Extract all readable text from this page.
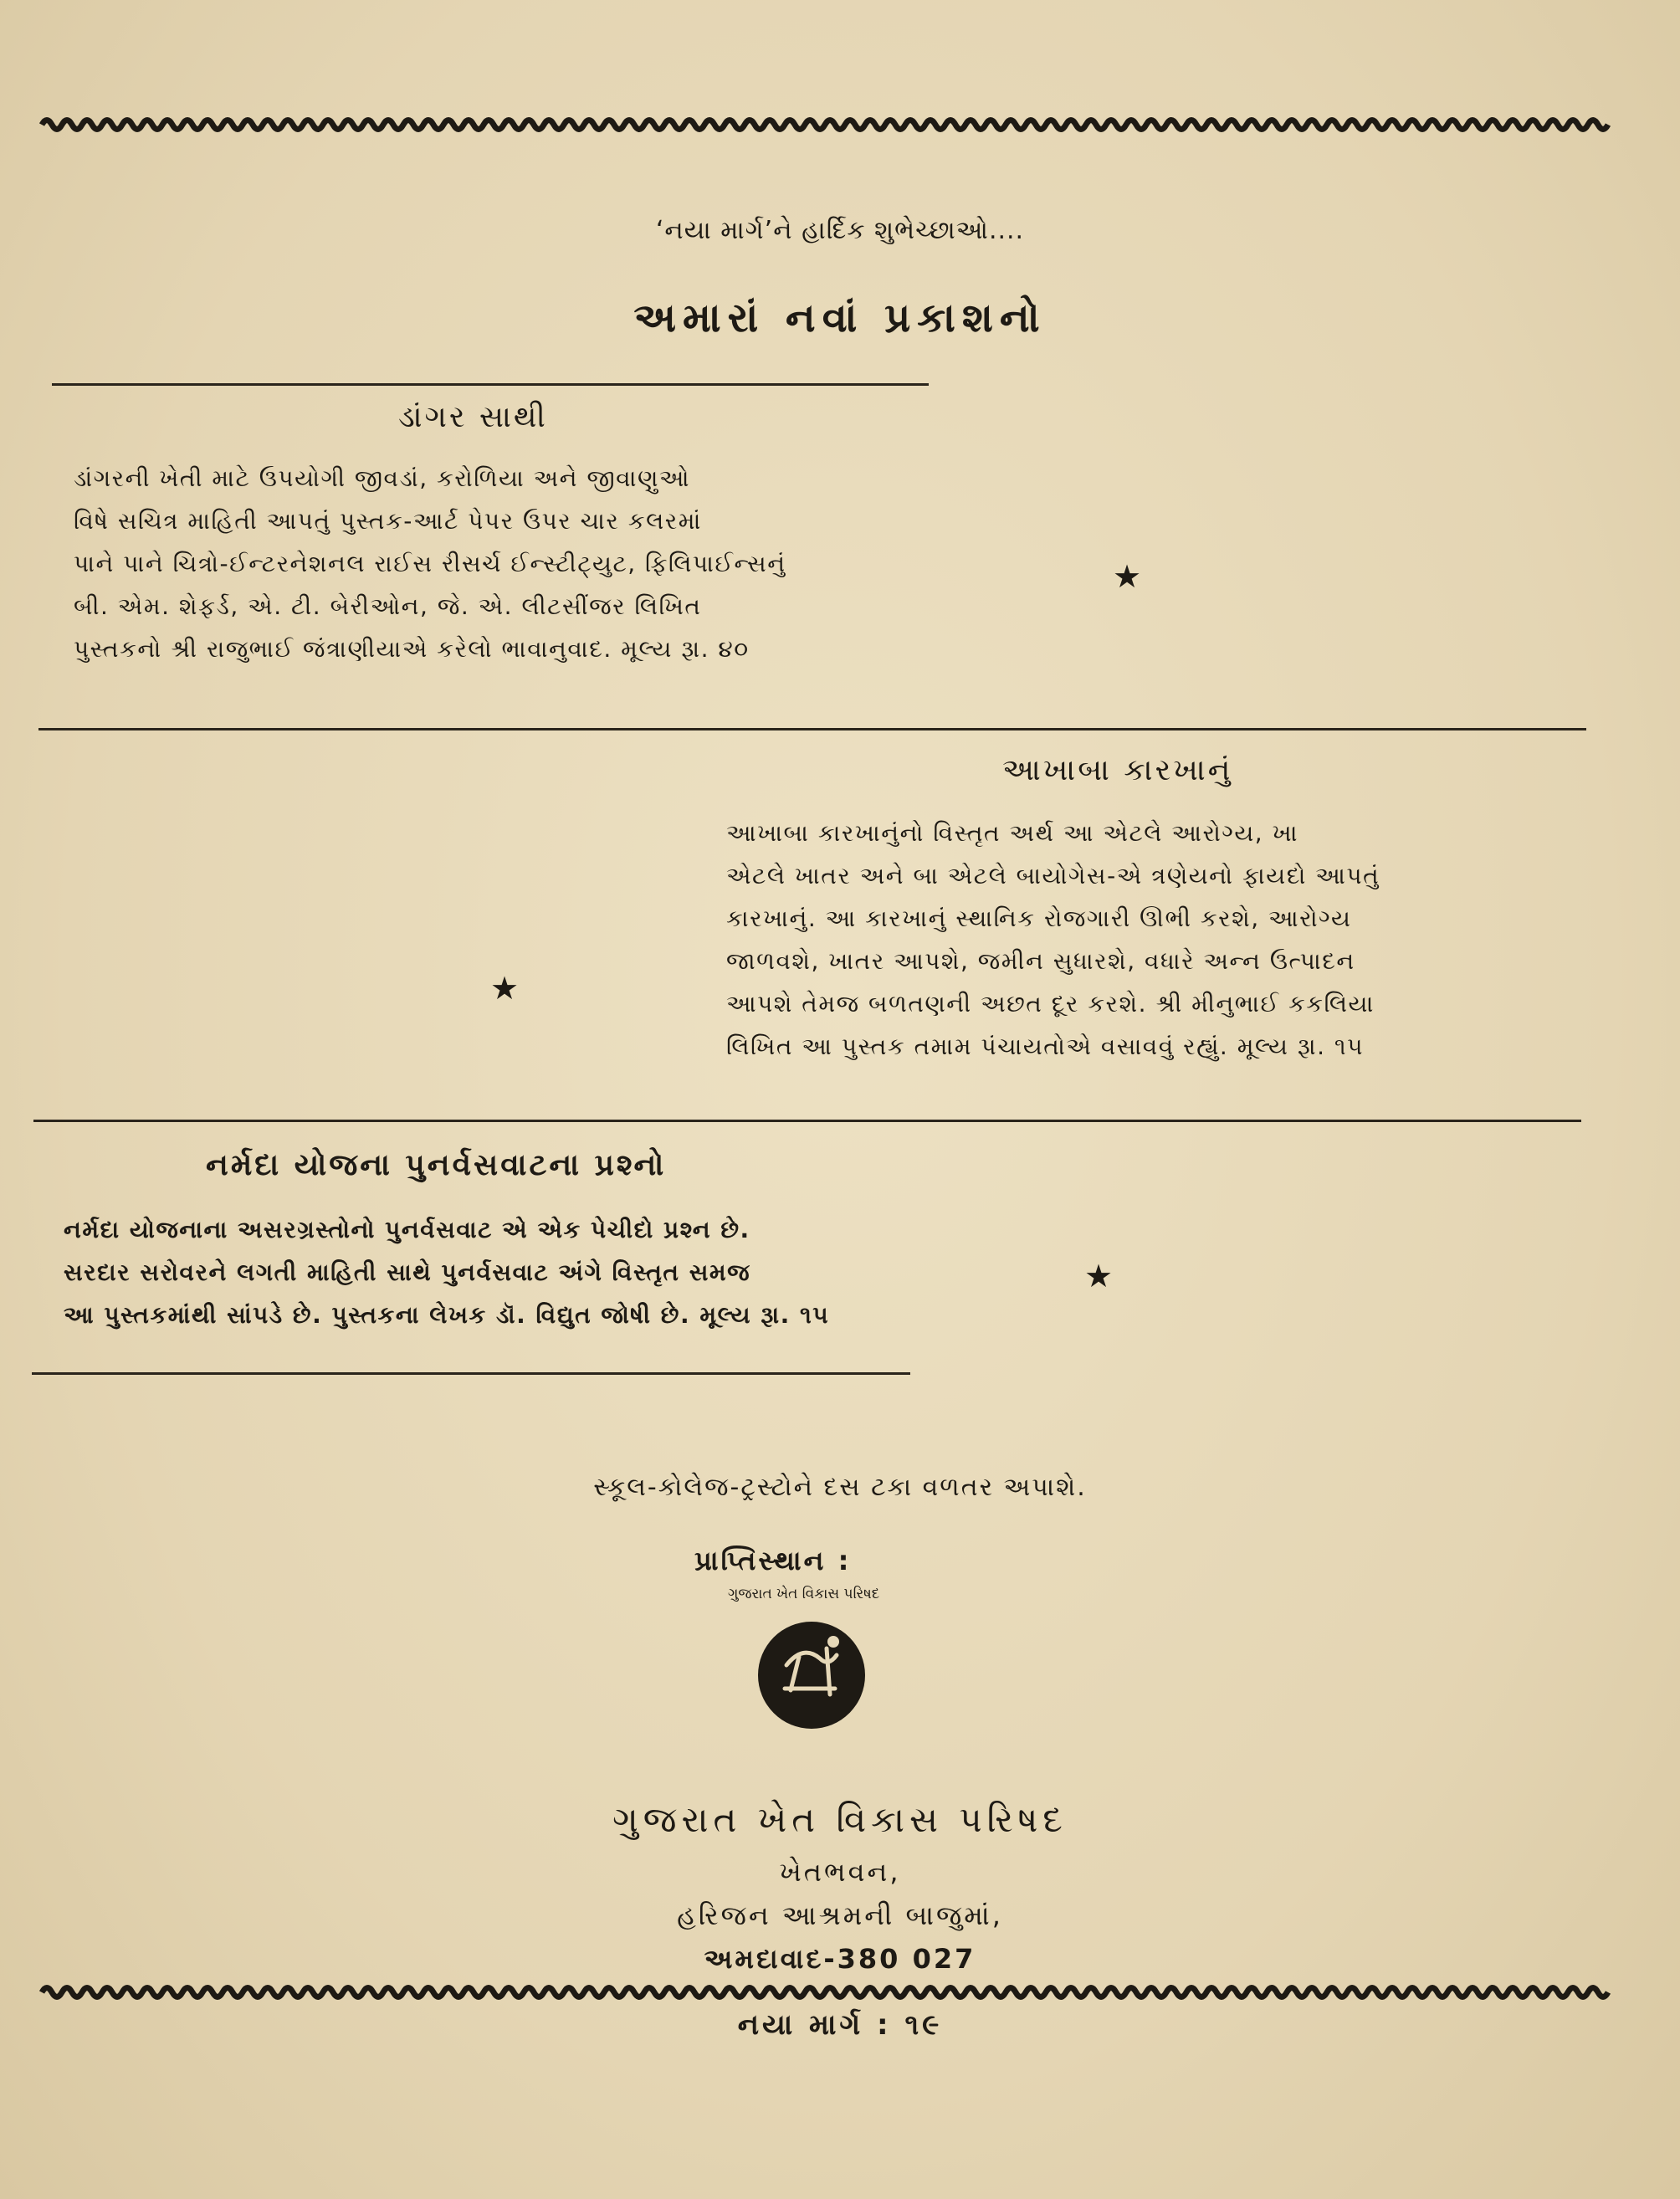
‘નયા માર્ગ’ને હાર્દિક શુભેચ્છાઓ....
અમારાં નવાં પ્રકાશનો
ડાંગર સાથી
ડાંગરની ખેતી માટે ઉપયોગી જીવડાં, કરોળિયા અને જીવાણુઓ
વિષે સચિત્ર માહિતી આપતું પુસ્તક-આર્ટ પેપર ઉપર ચાર કલરમાં
પાને પાને ચિત્રો-ઈન્ટરનેશનલ રાઈસ રીસર્ચ ઈન્સ્ટીટ્યુટ, ફિલિપાઈન્સનું
બી. એમ. શેફર્ડ, એ. ટી. બેરીઓન, જે. એ. લીટસીંજર લિખિત
પુસ્તકનો શ્રી રાજુભાઈ જંત્રાણીયાએ કરેલો ભાવાનુવાદ. મૂલ્ય રૂા. ૪૦
★
આખાબા કારખાનું
આખાબા કારખાનુંનો વિસ્તૃત અર્થ આ એટલે આરોગ્ય, ખા
એટલે ખાતર અને બા એટલે બાયોગેસ-એ ત્રણેયનો ફાયદો આપતું
કારખાનું. આ કારખાનું સ્થાનિક રોજગારી ઊભી કરશે, આરોગ્ય
જાળવશે, ખાતર આપશે, જમીન સુધારશે, વધારે અન્ન ઉત્પાદન
આપશે તેમજ બળતણની અછત દૂર કરશે. શ્રી મીનુભાઈ કકલિયા
લિખિત આ પુસ્તક તમામ પંચાયતોએ વસાવવું રહ્યું. મૂલ્ય રૂા. ૧૫
★
નર્મદા યોજના પુનર્વસવાટના પ્રશ્નો
નર્મદા યોજનાના અસરગ્રસ્તોનો પુનર્વસવાટ એ એક પેચીદો પ્રશ્ન છે.
સરદાર સરોવરને લગતી માહિતી સાથે પુનર્વસવાટ અંગે વિસ્તૃત સમજ
આ પુસ્તકમાંથી સાંપડે છે. પુસ્તકના લેખક ડૉ. વિદ્યુત જોષી છે. મૂલ્ય રૂા. ૧૫
★
સ્કૂલ-કોલેજ-ટ્રસ્ટોને દસ ટકા વળતર અપાશે.
પ્રાપ્તિસ્થાન :
ગુજરાત ખેત વિકાસ પરિષદ
ગુજરાત ખેત વિકાસ પરિષદ
ખેતભવન,
હરિજન આશ્રમની બાજુમાં,
અમદાવાદ-380 027
નયા માર્ગ : ૧૯
